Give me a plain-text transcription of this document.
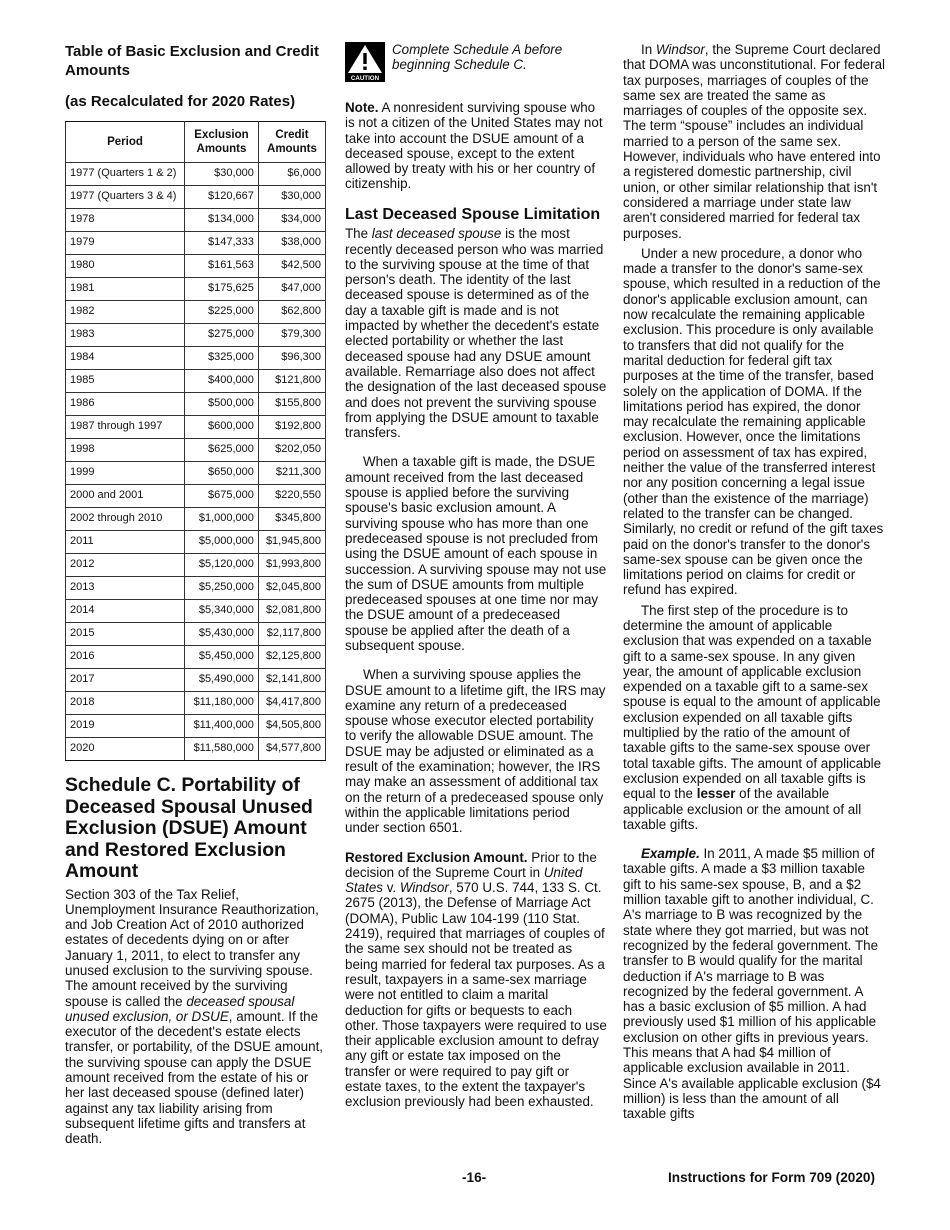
Table of Basic Exclusion and Credit Amounts
(as Recalculated for 2020 Rates)
Period	Exclusion Amounts	Credit Amounts
1977 (Quarters 1 & 2)	$30,000	$6,000
1977 (Quarters 3 & 4)	$120,667	$30,000
1978	$134,000	$34,000
1979	$147,333	$38,000
1980	$161,563	$42,500
1981	$175,625	$47,000
1982	$225,000	$62,800
1983	$275,000	$79,300
1984	$325,000	$96,300
1985	$400,000	$121,800
1986	$500,000	$155,800
1987 through 1997	$600,000	$192,800
1998	$625,000	$202,050
1999	$650,000	$211,300
2000 and 2001	$675,000	$220,550
2002 through 2010	$1,000,000	$345,800
2011	$5,000,000	$1,945,800
2012	$5,120,000	$1,993,800
2013	$5,250,000	$2,045,800
2014	$5,340,000	$2,081,800
2015	$5,430,000	$2,117,800
2016	$5,450,000	$2,125,800
2017	$5,490,000	$2,141,800
2018	$11,180,000	$4,417,800
2019	$11,400,000	$4,505,800
2020	$11,580,000	$4,577,800
Schedule C. Portability of Deceased Spousal Unused Exclusion (DSUE) Amount and Restored Exclusion Amount

Section 303 of the Tax Relief, Unemployment Insurance Reauthorization, and Job Creation Act of 2010 authorized estates of decedents dying on or after January 1, 2011, to elect to transfer any unused exclusion to the surviving spouse. The amount received by the surviving spouse is called the deceased spousal unused exclusion, or DSUE, amount. If the executor of the decedent's estate elects transfer, or portability, of the DSUE amount, the surviving spouse can apply the DSUE amount received from the estate of his or her last deceased spouse (defined later) against any tax liability arising from subsequent lifetime gifts and transfers at death.

CAUTION
Complete Schedule A before beginning Schedule C.

Note. A nonresident surviving spouse who is not a citizen of the United States may not take into account the DSUE amount of a deceased spouse, except to the extent allowed by treaty with his or her country of citizenship.

Last Deceased Spouse Limitation

The last deceased spouse is the most recently deceased person who was married to the surviving spouse at the time of that person's death. The identity of the last deceased spouse is determined as of the day a taxable gift is made and is not impacted by whether the decedent's estate elected portability or whether the last deceased spouse had any DSUE amount available. Remarriage also does not affect the designation of the last deceased spouse and does not prevent the surviving spouse from applying the DSUE amount to taxable transfers.

When a taxable gift is made, the DSUE amount received from the last deceased spouse is applied before the surviving spouse's basic exclusion amount. A surviving spouse who has more than one predeceased spouse is not precluded from using the DSUE amount of each spouse in succession. A surviving spouse may not use the sum of DSUE amounts from multiple predeceased spouses at one time nor may the DSUE amount of a predeceased spouse be applied after the death of a subsequent spouse.

When a surviving spouse applies the DSUE amount to a lifetime gift, the IRS may examine any return of a predeceased spouse whose executor elected portability to verify the allowable DSUE amount. The DSUE may be adjusted or eliminated as a result of the examination; however, the IRS may make an assessment of additional tax on the return of a predeceased spouse only within the applicable limitations period under section 6501.

Restored Exclusion Amount. Prior to the decision of the Supreme Court in United States v. Windsor, 570 U.S. 744, 133 S. Ct. 2675 (2013), the Defense of Marriage Act (DOMA), Public Law 104-199 (110 Stat. 2419), required that marriages of couples of the same sex should not be treated as being married for federal tax purposes. As a result, taxpayers in a same-sex marriage were not entitled to claim a marital deduction for gifts or bequests to each other. Those taxpayers were required to use their applicable exclusion amount to defray any gift or estate tax imposed on the transfer or were required to pay gift or estate taxes, to the extent the taxpayer's exclusion previously had been exhausted.

In Windsor, the Supreme Court declared that DOMA was unconstitutional. For federal tax purposes, marriages of couples of the same sex are treated the same as marriages of couples of the opposite sex. The term “spouse” includes an individual married to a person of the same sex. However, individuals who have entered into a registered domestic partnership, civil union, or other similar relationship that isn't considered a marriage under state law aren't considered married for federal tax purposes.

Under a new procedure, a donor who made a transfer to the donor's same-sex spouse, which resulted in a reduction of the donor's applicable exclusion amount, can now recalculate the remaining applicable exclusion. This procedure is only available to transfers that did not qualify for the marital deduction for federal gift tax purposes at the time of the transfer, based solely on the application of DOMA. If the limitations period has expired, the donor may recalculate the remaining applicable exclusion. However, once the limitations period on assessment of tax has expired, neither the value of the transferred interest nor any position concerning a legal issue (other than the existence of the marriage) related to the transfer can be changed. Similarly, no credit or refund of the gift taxes paid on the donor's transfer to the donor's same-sex spouse can be given once the limitations period on claims for credit or refund has expired.

The first step of the procedure is to determine the amount of applicable exclusion that was expended on a taxable gift to a same-sex spouse. In any given year, the amount of applicable exclusion expended on a taxable gift to a same-sex spouse is equal to the amount of applicable exclusion expended on all taxable gifts multiplied by the ratio of the amount of taxable gifts to the same-sex spouse over total taxable gifts. The amount of applicable exclusion expended on all taxable gifts is equal to the lesser of the available applicable exclusion or the amount of all taxable gifts.

Example. In 2011, A made $5 million of taxable gifts. A made a $3 million taxable gift to his same-sex spouse, B, and a $2 million taxable gift to another individual, C. A's marriage to B was recognized by the state where they got married, but was not recognized by the federal government. The transfer to B would qualify for the marital deduction if A's marriage to B was recognized by the federal government. A has a basic exclusion of $5 million. A had previously used $1 million of his applicable exclusion on other gifts in previous years. This means that A had $4 million of applicable exclusion available in 2011. Since A's available applicable exclusion ($4 million) is less than the amount of all taxable gifts

-16-	Instructions for Form 709 (2020)
